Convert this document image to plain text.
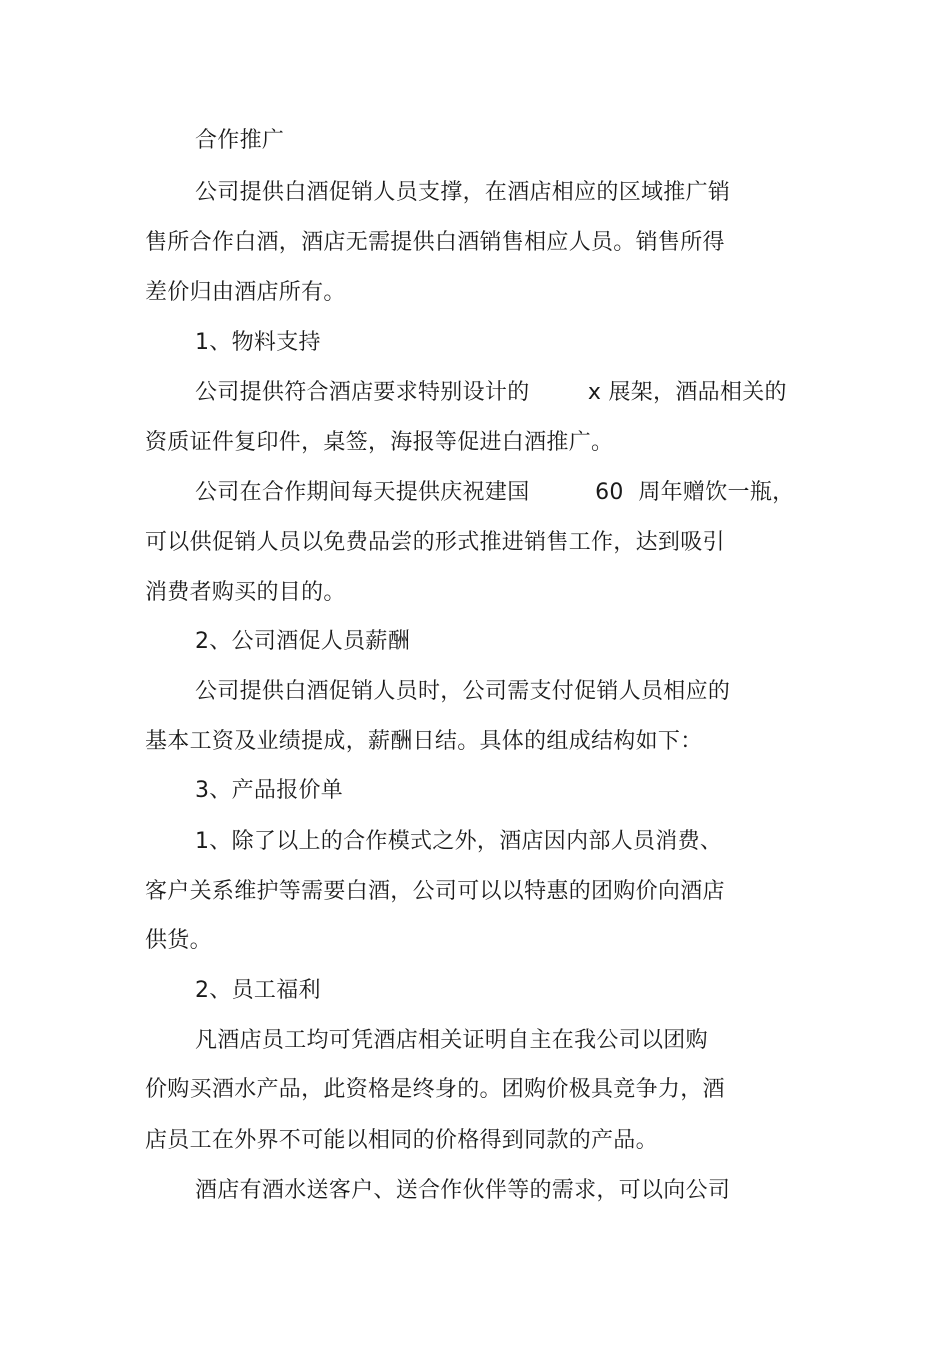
合作推广
公司提供白酒促销人员支撑，在酒店相应的区域推广销
售所合作白酒，酒店无需提供白酒销售相应人员。销售所得
差价归由酒店所有。
1、物料支持
公司提供符合酒店要求特别设计的        x 展架，酒品相关的
资质证件复印件，桌签，海报等促进白酒推广。
公司在合作期间每天提供庆祝建国         60  周年赠饮一瓶，
可以供促销人员以免费品尝的形式推进销售工作，达到吸引
消费者购买的目的。
2、公司酒促人员薪酬
公司提供白酒促销人员时，公司需支付促销人员相应的
基本工资及业绩提成，薪酬日结。具体的组成结构如下：
3、产品报价单
1、除了以上的合作模式之外，酒店因内部人员消费、
客户关系维护等需要白酒，公司可以以特惠的团购价向酒店
供货。
2、员工福利
凡酒店员工均可凭酒店相关证明自主在我公司以团购
价购买酒水产品，此资格是终身的。团购价极具竞争力，酒
店员工在外界不可能以相同的价格得到同款的产品。
酒店有酒水送客户、送合作伙伴等的需求，可以向公司
